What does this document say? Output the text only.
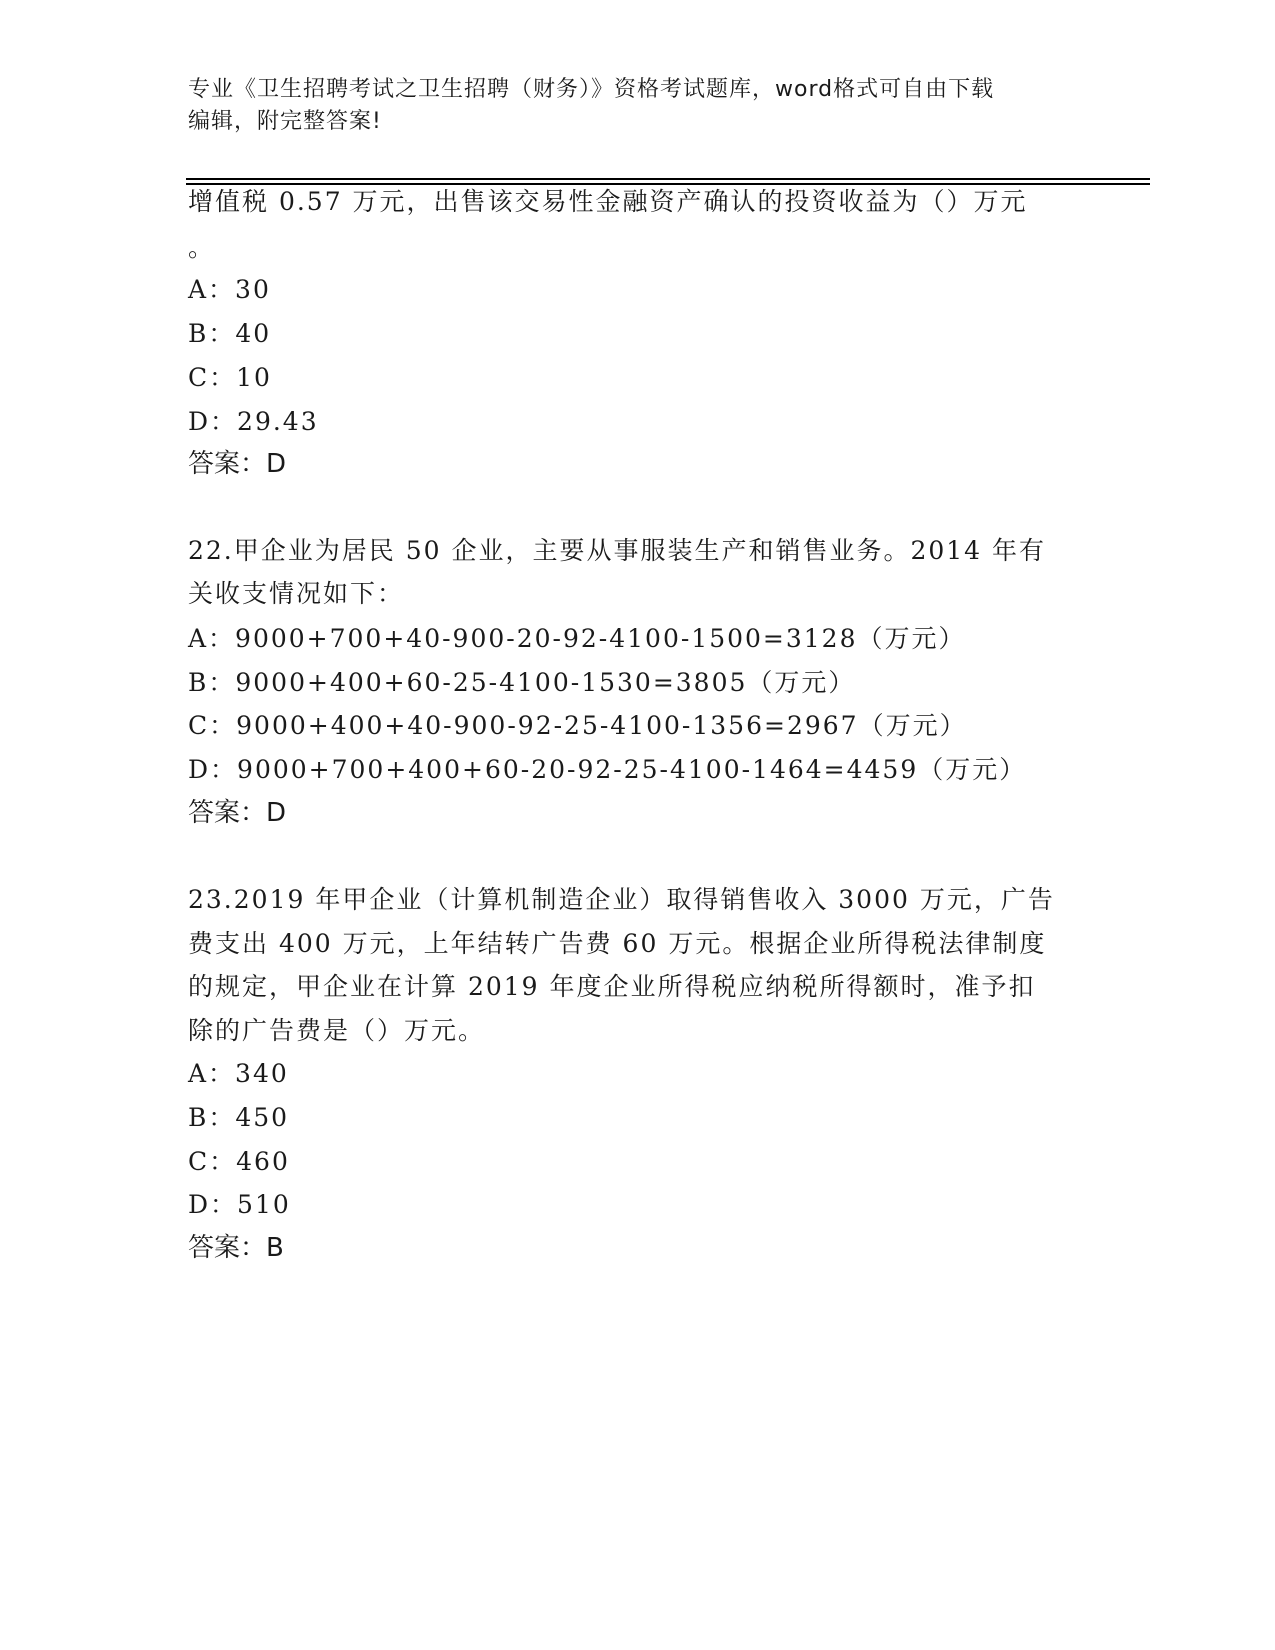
专业《卫生招聘考试之卫生招聘（财务）》资格考试题库，word格式可自由下载
编辑，附完整答案!
增值税 0.57 万元，出售该交易性金融资产确认的投资收益为（）万元
。
A：30
B：40
C：10
D：29.43
答案：D
22.甲企业为居民 50 企业，主要从事服装生产和销售业务。2014 年有
关收支情况如下：
A：9000+700+40-900-20-92-4100-1500=3128（万元）
B：9000+400+60-25-4100-1530=3805（万元）
C：9000+400+40-900-92-25-4100-1356=2967（万元）
D：9000+700+400+60-20-92-25-4100-1464=4459（万元）
答案：D
23.2019 年甲企业（计算机制造企业）取得销售收入 3000 万元，广告
费支出 400 万元，上年结转广告费 60 万元。根据企业所得税法律制度
的规定，甲企业在计算 2019 年度企业所得税应纳税所得额时，准予扣
除的广告费是（）万元。
A：340
B：450
C：460
D：510
答案：B
